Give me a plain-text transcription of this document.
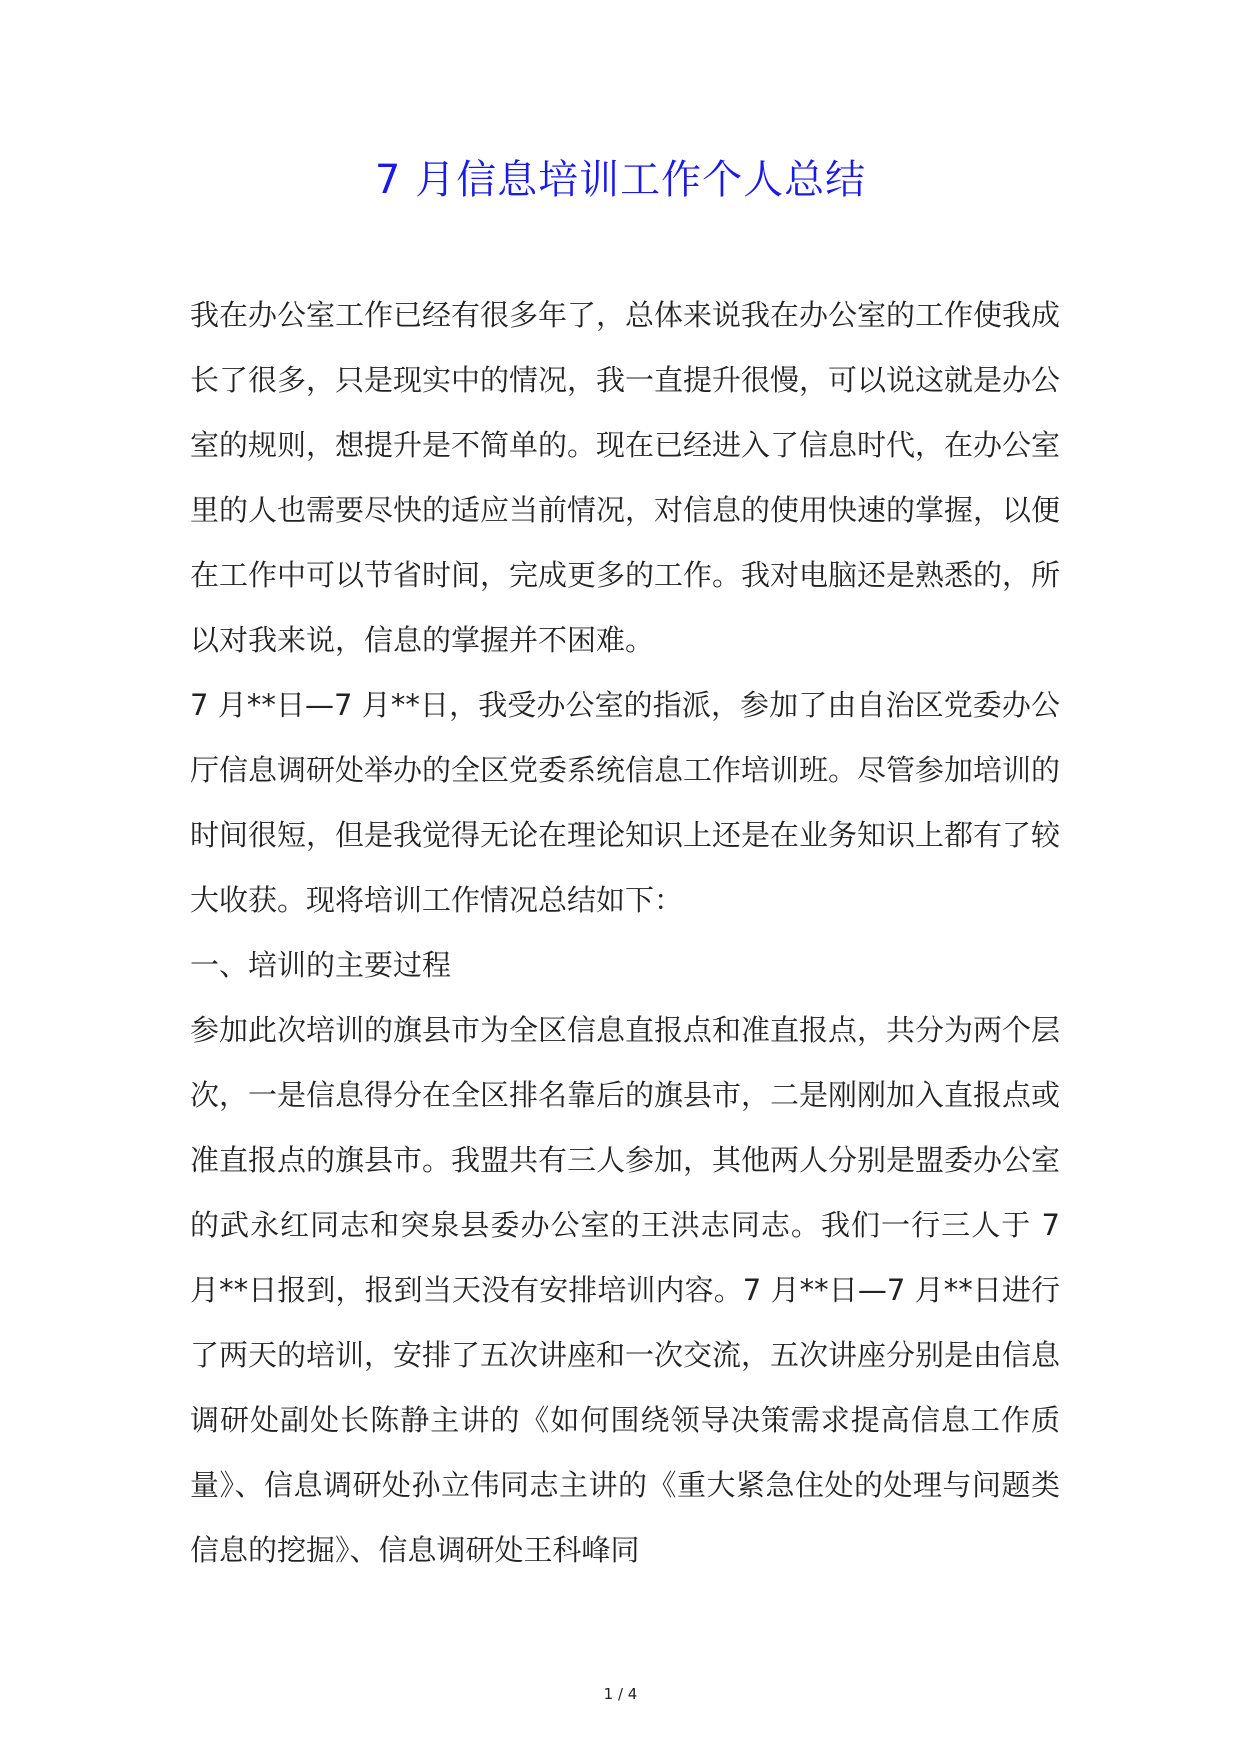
7 月信息培训工作个人总结

我在办公室工作已经有很多年了，总体来说我在办公室的工作使我成长了很多，只是现实中的情况，我一直提升很慢，可以说这就是办公室的规则，想提升是不简单的。现在已经进入了信息时代，在办公室里的人也需要尽快的适应当前情况，对信息的使用快速的掌握，以便在工作中可以节省时间，完成更多的工作。我对电脑还是熟悉的，所以对我来说，信息的掌握并不困难。

7 月**日—7 月**日，我受办公室的指派，参加了由自治区党委办公厅信息调研处举办的全区党委系统信息工作培训班。尽管参加培训的时间很短，但是我觉得无论在理论知识上还是在业务知识上都有了较大收获。现将培训工作情况总结如下：

一、培训的主要过程

参加此次培训的旗县市为全区信息直报点和准直报点，共分为两个层次，一是信息得分在全区排名靠后的旗县市，二是刚刚加入直报点或准直报点的旗县市。我盟共有三人参加，其他两人分别是盟委办公室的武永红同志和突泉县委办公室的王洪志同志。我们一行三人于 7 月**日报到，报到当天没有安排培训内容。7 月**日—7 月**日进行了两天的培训，安排了五次讲座和一次交流，五次讲座分别是由信息调研处副处长陈静主讲的《如何围绕领导决策需求提高信息工作质量》、信息调研处孙立伟同志主讲的《重大紧急住处的处理与问题类信息的挖掘》、信息调研处王科峰同

1 / 4
